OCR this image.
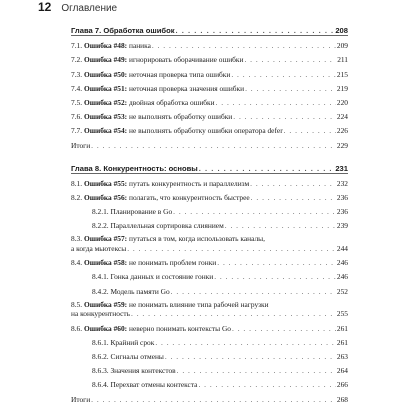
12 Оглавление
Глава 7. Обработка ошибок . . .	208
7.1. Ошибка #48: паника . . .	209
7.2. Ошибка #49: игнорировать оборачивание ошибки . . .	211
7.3. Ошибка #50: неточная проверка типа ошибки . . .	215
7.4. Ошибка #51: неточная проверка значения ошибки . . .	219
7.5. Ошибка #52: двойная обработка ошибки . . .	220
7.6. Ошибка #53: не выполнять обработку ошибки . . .	224
7.7. Ошибка #54: не выполнять обработку ошибки оператора defer . . .	226
Итоги . . .	229
Глава 8. Конкурентность: основы . . .	231
8.1. Ошибка #55: путать конкурентность и параллелизм . . .	232
8.2. Ошибка #56: полагать, что конкурентность быстрее . . .	236
8.2.1. Планирование в Go . . .	236
8.2.2. Параллельная сортировка слиянием . . .	239
8.3. Ошибка #57: путаться в том, когда использовать каналы,
а когда мьютексы . . .	244
8.4. Ошибка #58: не понимать проблем гонки . . .	246
8.4.1. Гонка данных и состояние гонки . . .	246
8.4.2. Модель памяти Go . . .	252
8.5. Ошибка #59: не понимать влияние типа рабочей нагрузки
на конкурентность . . .	255
8.6. Ошибка #60: неверно понимать контексты Go . . .	261
8.6.1. Крайний срок . . .	261
8.6.2. Сигналы отмены . . .	263
8.6.3. Значения контекстов . . .	264
8.6.4. Перехват отмены контекста . . .	266
Итоги . . .	268
